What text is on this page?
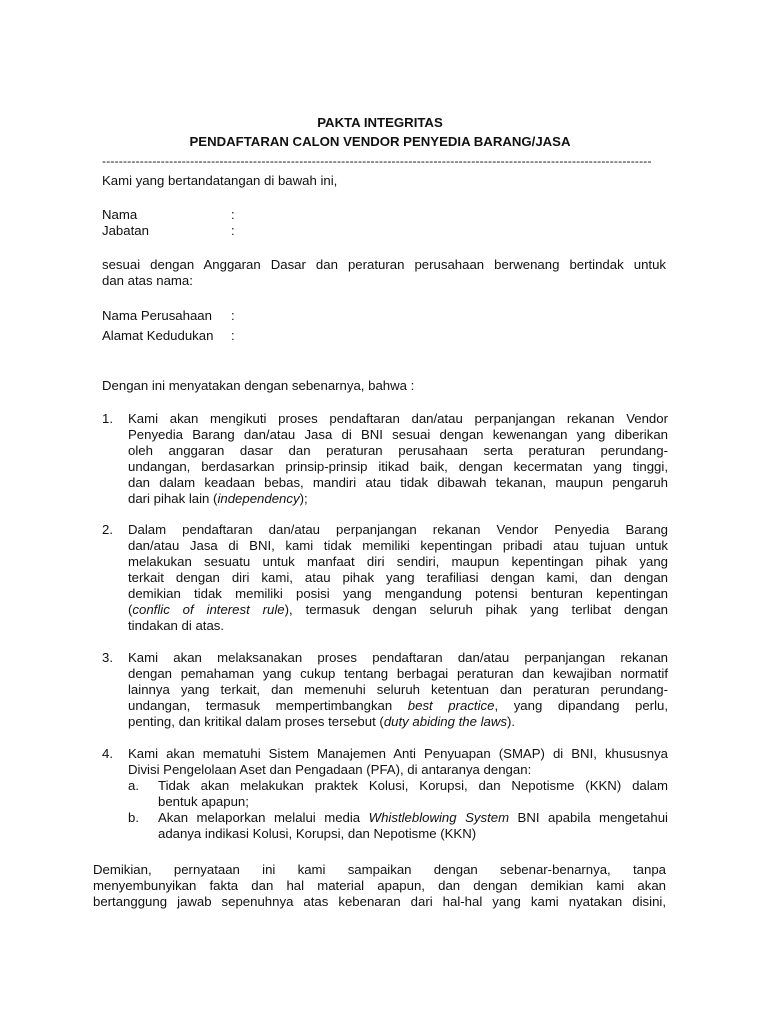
PAKTA INTEGRITAS
PENDAFTARAN CALON VENDOR PENYEDIA BARANG/JASA
-----------------------------------------------------------------------------------------------------------------------------------
Kami yang bertandatangan di bawah ini,
Nama	:
Jabatan	:
sesuai dengan Anggaran Dasar dan peraturan perusahaan berwenang bertindak untuk
dan atas nama:
Nama Perusahaan :
Alamat Kedudukan :
Dengan ini menyatakan dengan sebenarnya, bahwa :
1. Kami akan mengikuti proses pendaftaran dan/atau perpanjangan rekanan Vendor
Penyedia Barang dan/atau Jasa di BNI sesuai dengan kewenangan yang diberikan
oleh anggaran dasar dan peraturan perusahaan serta peraturan perundang-
undangan, berdasarkan prinsip-prinsip itikad baik, dengan kecermatan yang tinggi,
dan dalam keadaan bebas, mandiri atau tidak dibawah tekanan, maupun pengaruh
dari pihak lain (independency);
2. Dalam pendaftaran dan/atau perpanjangan rekanan Vendor Penyedia Barang
dan/atau Jasa di BNI, kami tidak memiliki kepentingan pribadi atau tujuan untuk
melakukan sesuatu untuk manfaat diri sendiri, maupun kepentingan pihak yang
terkait dengan diri kami, atau pihak yang terafiliasi dengan kami, dan dengan
demikian tidak memiliki posisi yang mengandung potensi benturan kepentingan
(conflic of interest rule), termasuk dengan seluruh pihak yang terlibat dengan
tindakan di atas.
3. Kami akan melaksanakan proses pendaftaran dan/atau perpanjangan rekanan
dengan pemahaman yang cukup tentang berbagai peraturan dan kewajiban normatif
lainnya yang terkait, dan memenuhi seluruh ketentuan dan peraturan perundang-
undangan, termasuk mempertimbangkan best practice, yang dipandang perlu,
penting, dan kritikal dalam proses tersebut (duty abiding the laws).
4. Kami akan mematuhi Sistem Manajemen Anti Penyuapan (SMAP) di BNI, khususnya
Divisi Pengelolaan Aset dan Pengadaan (PFA), di antaranya dengan:
a. Tidak akan melakukan praktek Kolusi, Korupsi, dan Nepotisme (KKN) dalam
bentuk apapun;
b. Akan melaporkan melalui media Whistleblowing System BNI apabila mengetahui
adanya indikasi Kolusi, Korupsi, dan Nepotisme (KKN)
Demikian, pernyataan ini kami sampaikan dengan sebenar-benarnya, tanpa
menyembunyikan fakta dan hal material apapun, dan dengan demikian kami akan
bertanggung jawab sepenuhnya atas kebenaran dari hal-hal yang kami nyatakan disini,
